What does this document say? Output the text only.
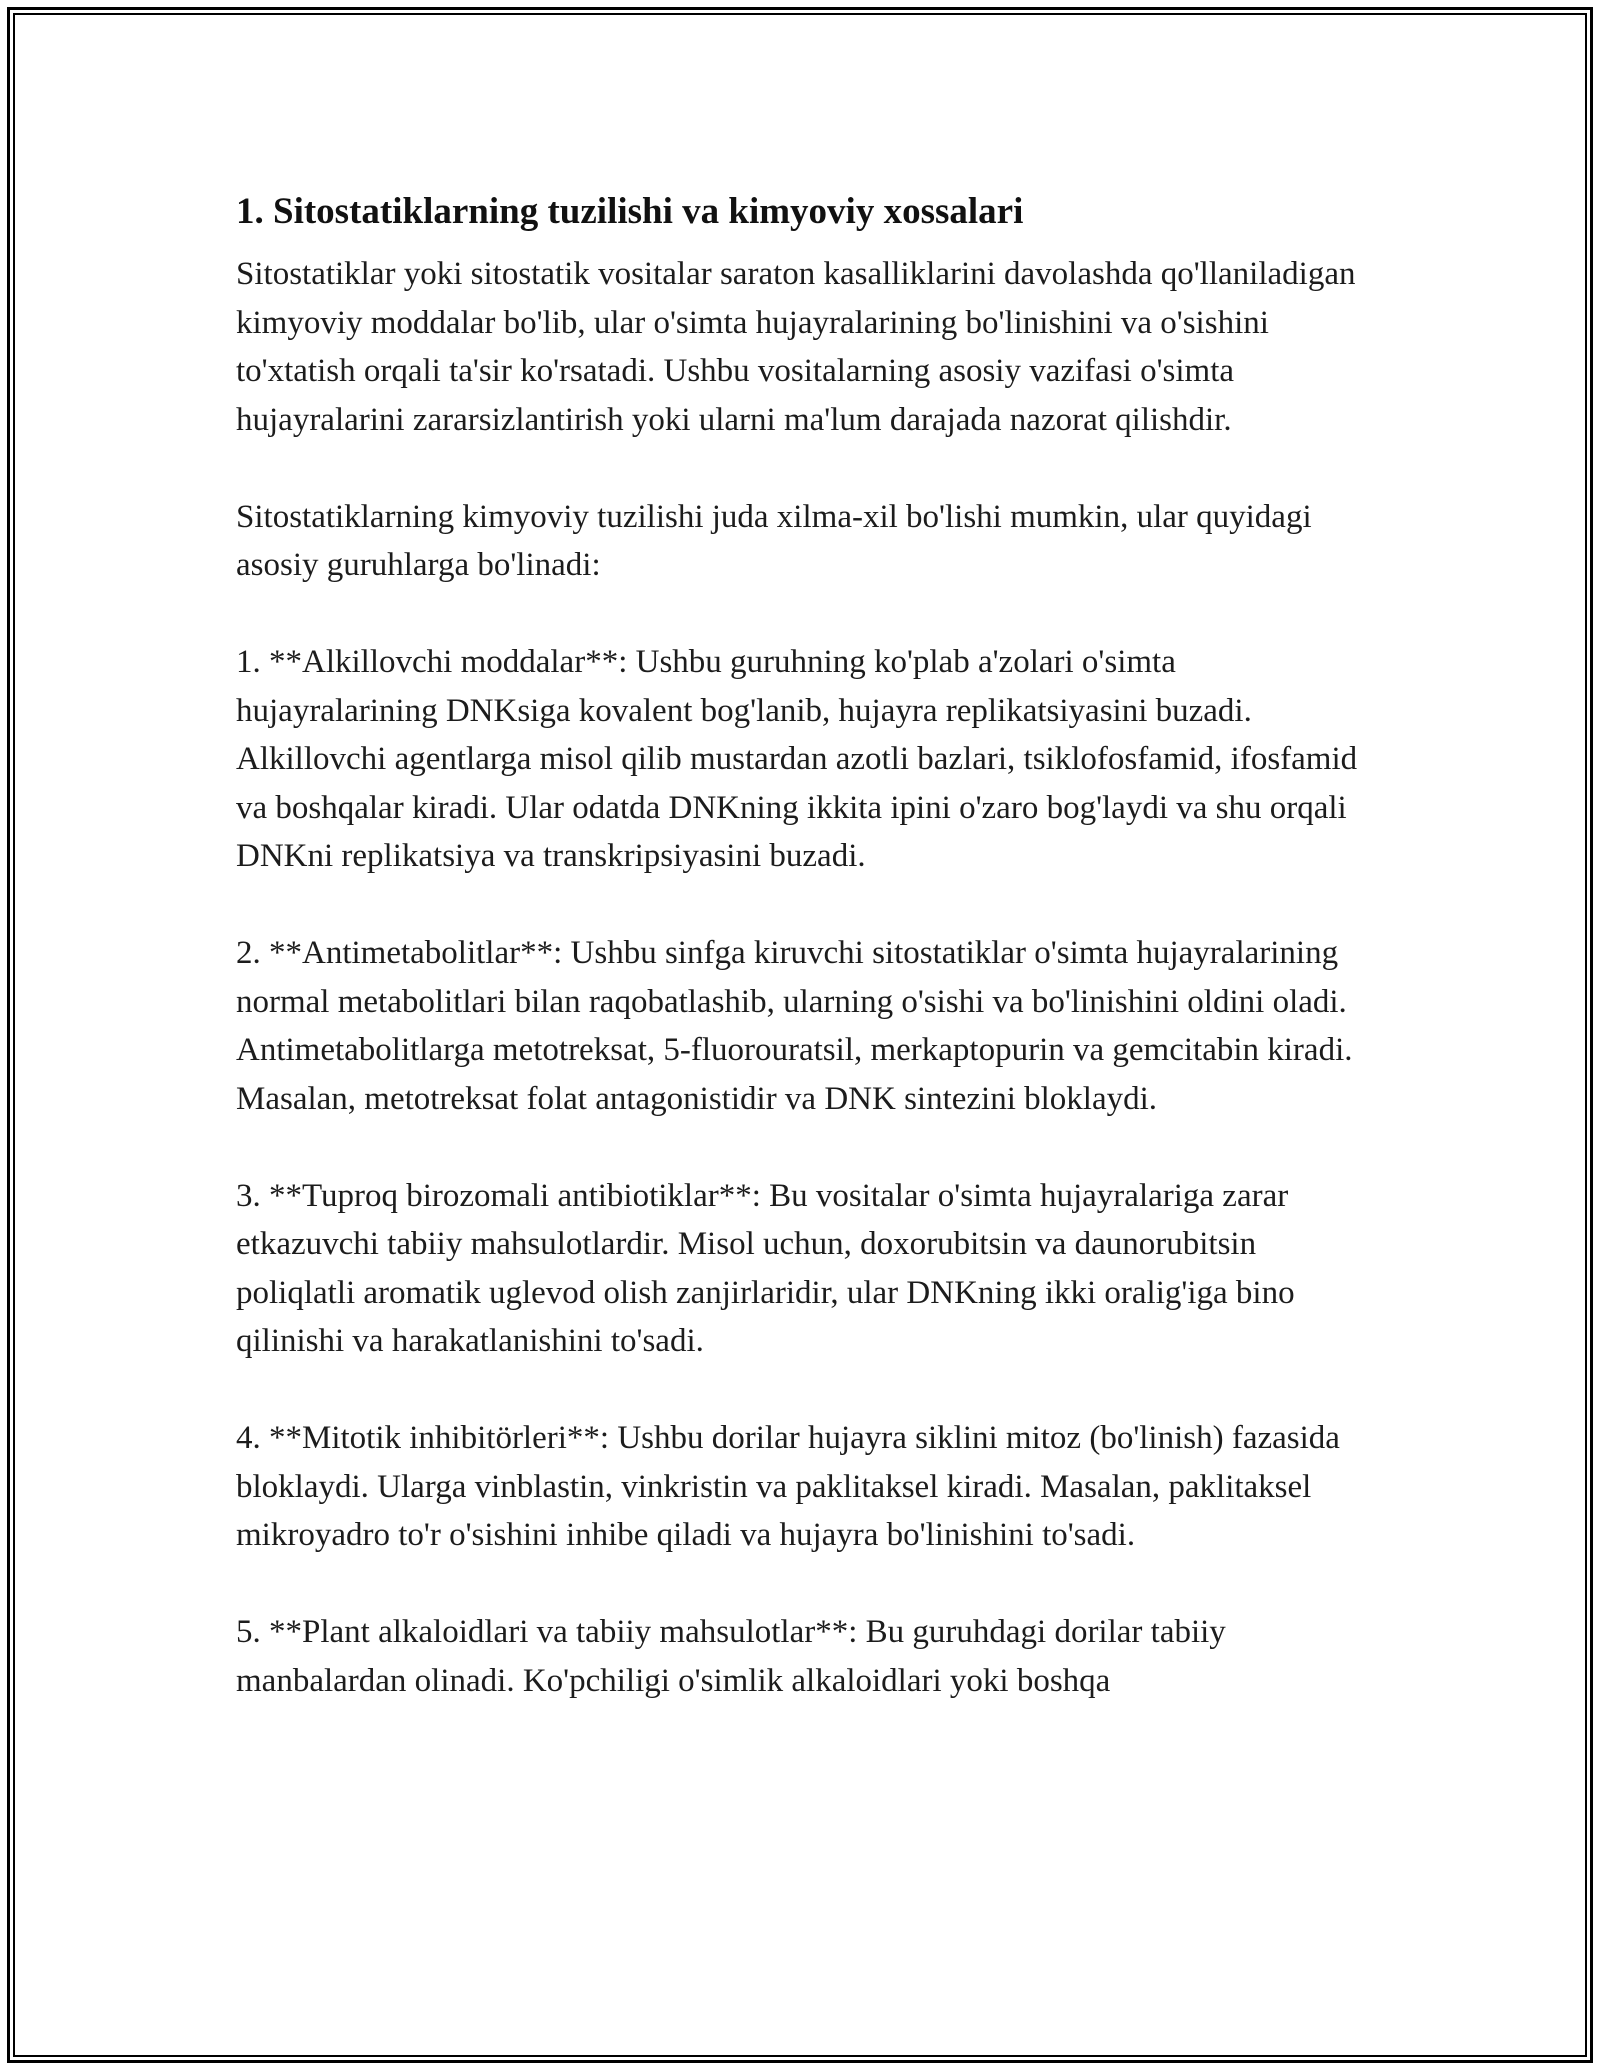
1. Sitostatiklarning tuzilishi va kimyoviy xossalari

Sitostatiklar yoki sitostatik vositalar saraton kasalliklarini davolashda qo'llaniladigan kimyoviy moddalar bo'lib, ular o'simta hujayralarining bo'linishini va o'sishini to'xtatish orqali ta'sir ko'rsatadi. Ushbu vositalarning asosiy vazifasi o'simta hujayralarini zararsizlantirish yoki ularni ma'lum darajada nazorat qilishdir.

Sitostatiklarning kimyoviy tuzilishi juda xilma-xil bo'lishi mumkin, ular quyidagi asosiy guruhlarga bo'linadi:

1. **Alkillovchi moddalar**: Ushbu guruhning ko'plab a'zolari o'simta hujayralarining DNKsiga kovalent bog'lanib, hujayra replikatsiyasini buzadi. Alkillovchi agentlarga misol qilib mustardan azotli bazlari, tsiklofosfamid, ifosfamid va boshqalar kiradi. Ular odatda DNKning ikkita ipini o'zaro bog'laydi va shu orqali DNKni replikatsiya va transkripsiyasini buzadi.

2. **Antimetabolitlar**: Ushbu sinfga kiruvchi sitostatiklar o'simta hujayralarining normal metabolitlari bilan raqobatlashib, ularning o'sishi va bo'linishini oldini oladi. Antimetabolitlarga metotreksat, 5-fluorouratsil, merkaptopurin va gemcitabin kiradi. Masalan, metotreksat folat antagonistidir va DNK sintezini bloklaydi.

3. **Tuproq birozomali antibiotiklar**: Bu vositalar o'simta hujayralariga zarar etkazuvchi tabiiy mahsulotlardir. Misol uchun, doxorubitsin va daunorubitsin poliqlatli aromatik uglevod olish zanjirlaridir, ular DNKning ikki oralig'iga bino qilinishi va harakatlanishini to'sadi.

4. **Mitotik inhibitörleri**: Ushbu dorilar hujayra siklini mitoz (bo'linish) fazasida bloklaydi. Ularga vinblastin, vinkristin va paklitaksel kiradi. Masalan, paklitaksel mikroyadro to'r o'sishini inhibe qiladi va hujayra bo'linishini to'sadi.

5. **Plant alkaloidlari va tabiiy mahsulotlar**: Bu guruhdagi dorilar tabiiy manbalardan olinadi. Ko'pchiligi o'simlik alkaloidlari yoki boshqa
